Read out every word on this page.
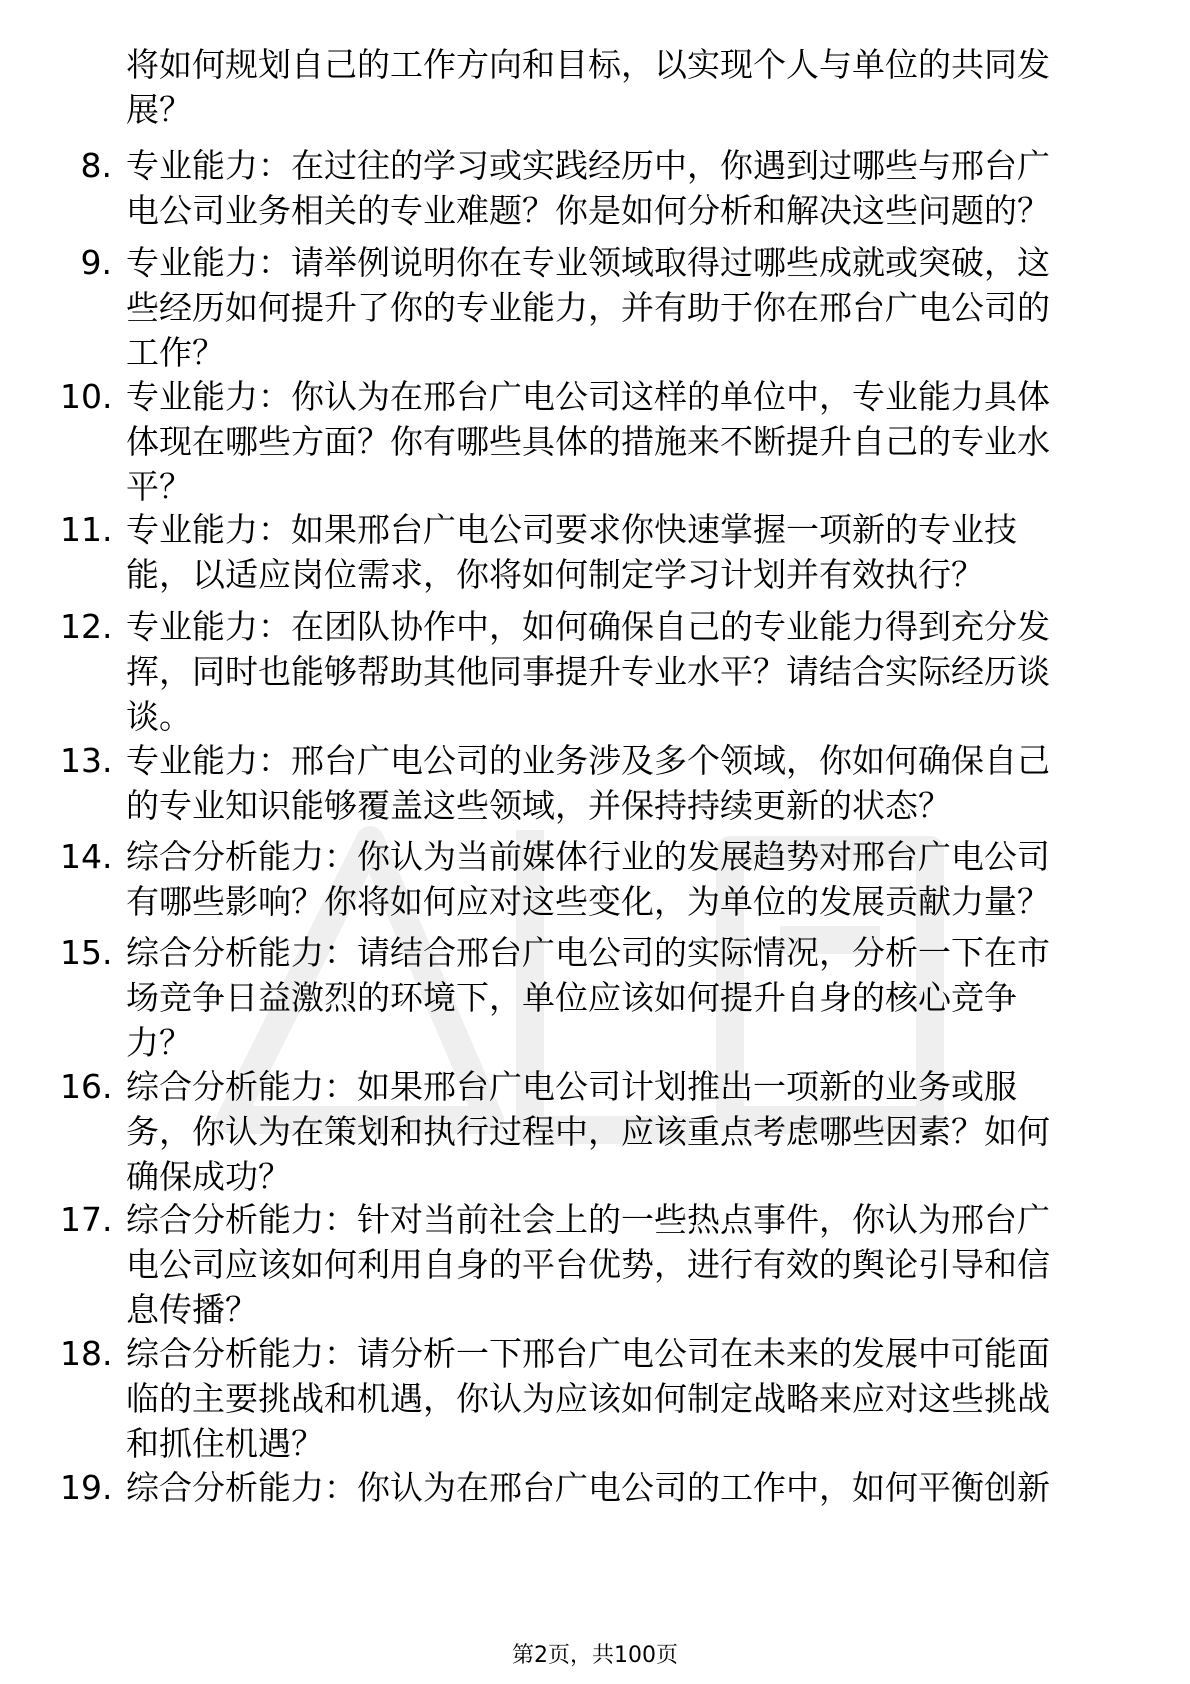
将如何规划自己的工作方向和目标，以实现个人与单位的共同发
展？
8. 专业能力：在过往的学习或实践经历中，你遇到过哪些与邢台广
电公司业务相关的专业难题？你是如何分析和解决这些问题的？
9. 专业能力：请举例说明你在专业领域取得过哪些成就或突破，这
些经历如何提升了你的专业能力，并有助于你在邢台广电公司的
工作？
10. 专业能力：你认为在邢台广电公司这样的单位中，专业能力具体
体现在哪些方面？你有哪些具体的措施来不断提升自己的专业水
平？
11. 专业能力：如果邢台广电公司要求你快速掌握一项新的专业技
能，以适应岗位需求，你将如何制定学习计划并有效执行？
12. 专业能力：在团队协作中，如何确保自己的专业能力得到充分发
挥，同时也能够帮助其他同事提升专业水平？请结合实际经历谈
谈。
13. 专业能力：邢台广电公司的业务涉及多个领域，你如何确保自己
的专业知识能够覆盖这些领域，并保持持续更新的状态？
14. 综合分析能力：你认为当前媒体行业的发展趋势对邢台广电公司
有哪些影响？你将如何应对这些变化，为单位的发展贡献力量？
15. 综合分析能力：请结合邢台广电公司的实际情况，分析一下在市
场竞争日益激烈的环境下，单位应该如何提升自身的核心竞争
力？
16. 综合分析能力：如果邢台广电公司计划推出一项新的业务或服
务，你认为在策划和执行过程中，应该重点考虑哪些因素？如何
确保成功？
17. 综合分析能力：针对当前社会上的一些热点事件，你认为邢台广
电公司应该如何利用自身的平台优势，进行有效的舆论引导和信
息传播？
18. 综合分析能力：请分析一下邢台广电公司在未来的发展中可能面
临的主要挑战和机遇，你认为应该如何制定战略来应对这些挑战
和抓住机遇？
19. 综合分析能力：你认为在邢台广电公司的工作中，如何平衡创新
第2页，共100页
